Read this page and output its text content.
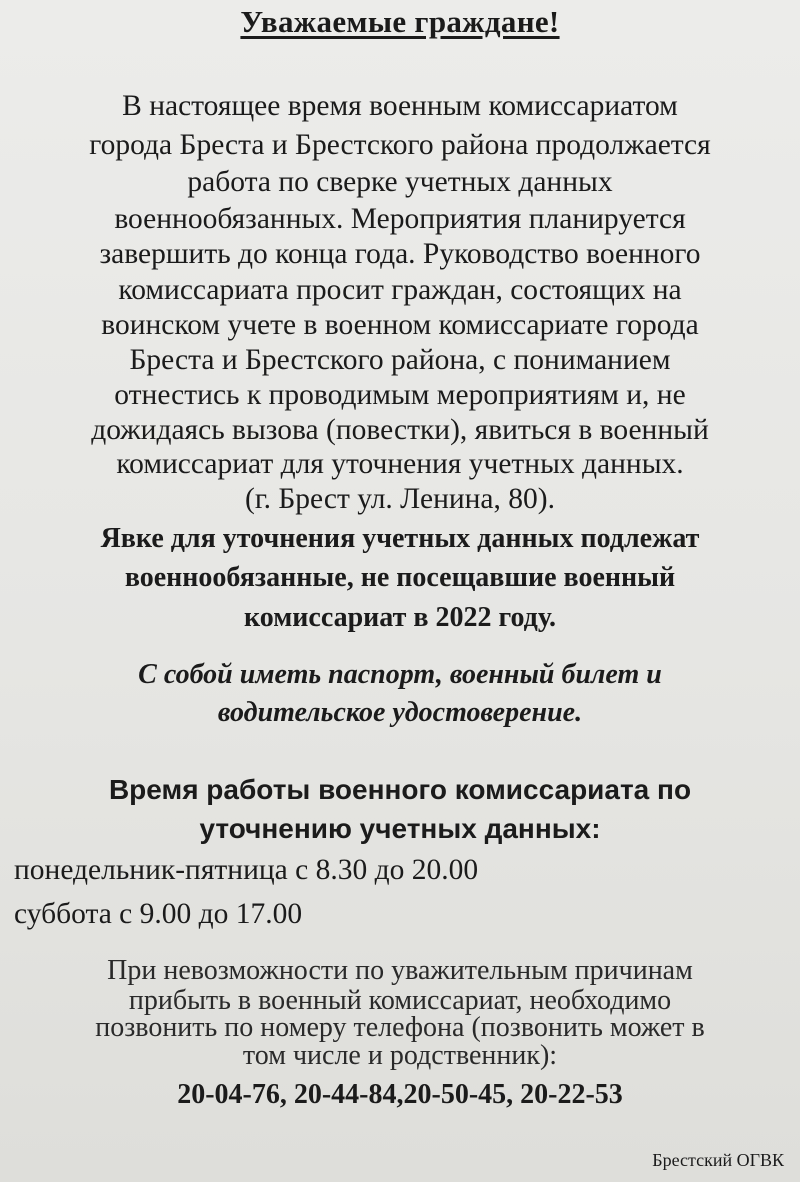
Уважаемые граждане!

В настоящее время военным комиссариатом

города Бреста и Брестского района продолжается

работа по сверке учетных данных

военнообязанных. Мероприятия планируется

завершить до конца года. Руководство военного

комиссариата просит граждан, состоящих на

воинском учете в военном комиссариате города

Бреста и Брестского района, с пониманием

отнестись к проводимым мероприятиям и, не

дожидаясь вызова (повестки), явиться в военный

комиссариат для уточнения учетных данных.

(г. Брест ул. Ленина, 80).

Явке для уточнения учетных данных подлежат

военнообязанные, не посещавшие военный

комиссариат в 2022 году.

С собой иметь паспорт, военный билет и

водительское удостоверение.

Время работы военного комиссариата по

уточнению учетных данных:

понедельник-пятница с 8.30 до 20.00

суббота с 9.00 до 17.00

При невозможности по уважительным причинам

прибыть в военный комиссариат, необходимо

позвонить по номеру телефона (позвонить может в

том числе и родственник):

20-04-76, 20-44-84,20-50-45, 20-22-53

Брестский ОГВК
